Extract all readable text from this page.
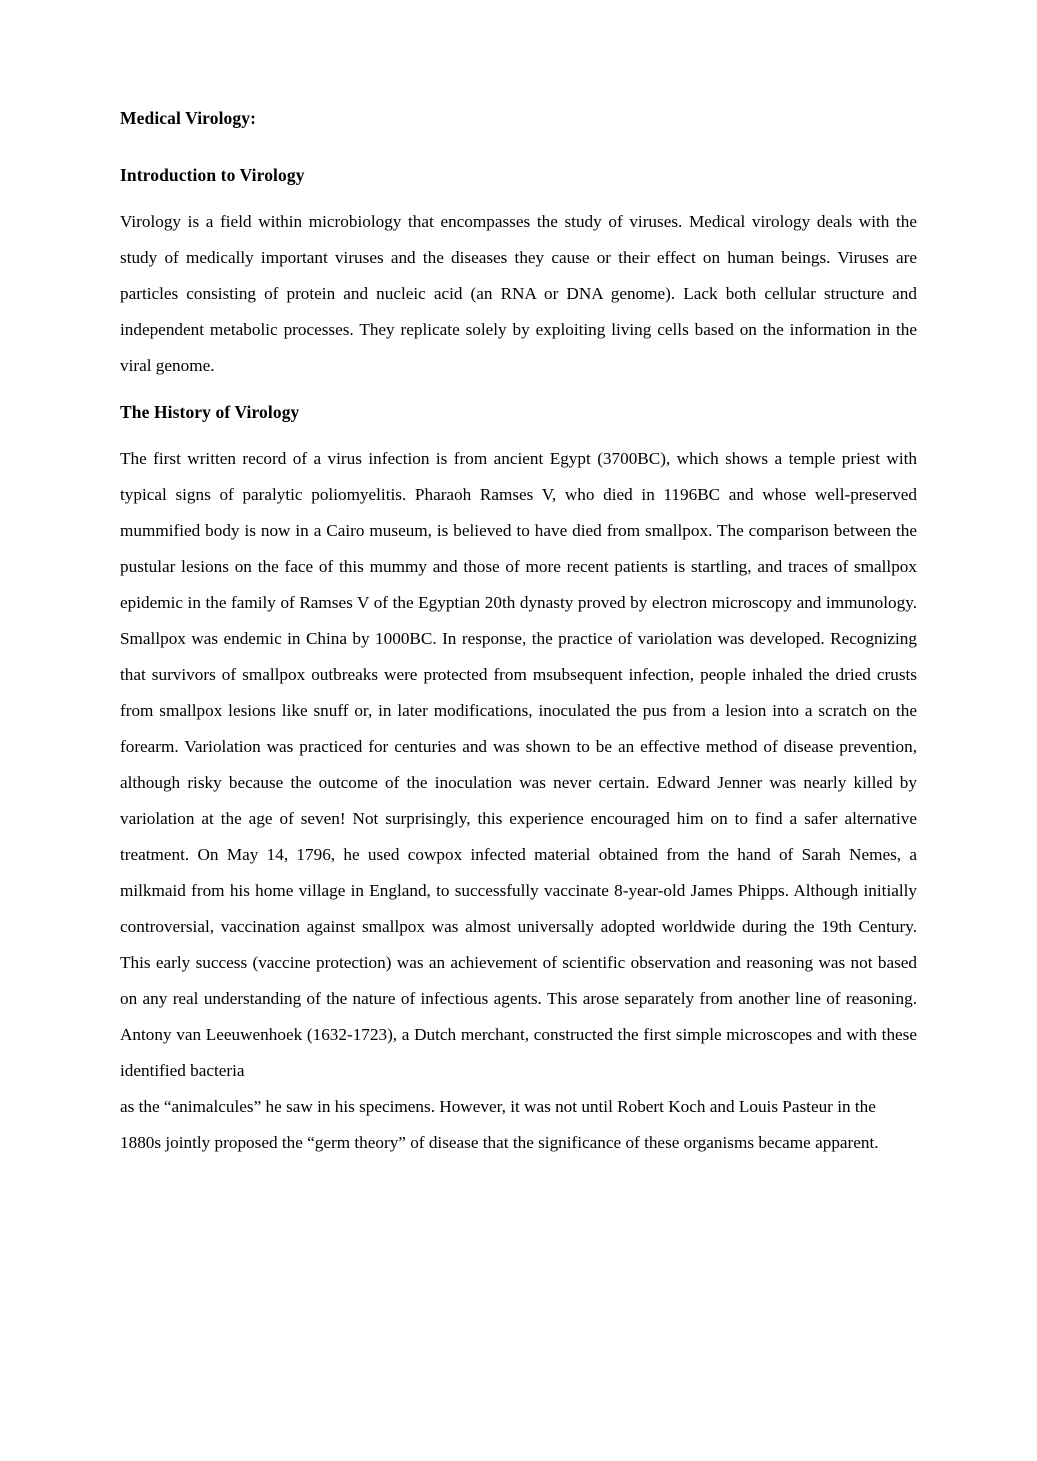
Medical Virology:
Introduction to Virology

Virology is a field within microbiology that encompasses the study of viruses. Medical virology deals with the study of medically important viruses and the diseases they cause or their effect on human beings. Viruses are particles consisting of protein and nucleic acid (an RNA or DNA genome). Lack both cellular structure and independent metabolic processes. They replicate solely by exploiting living cells based on the information in the viral genome.

The History of Virology

The first written record of a virus infection is from ancient Egypt (3700BC), which shows a temple priest with typical signs of paralytic poliomyelitis. Pharaoh Ramses V, who died in 1196BC and whose well-preserved mummified body is now in a Cairo museum, is believed to have died from smallpox. The comparison between the pustular lesions on the face of this mummy and those of more recent patients is startling, and traces of smallpox epidemic in the family of Ramses V of the Egyptian 20th dynasty proved by electron microscopy and immunology. Smallpox was endemic in China by 1000BC. In response, the practice of variolation was developed. Recognizing that survivors of smallpox outbreaks were protected from msubsequent infection, people inhaled the dried crusts from smallpox lesions like snuff or, in later modifications, inoculated the pus from a lesion into a scratch on the forearm. Variolation was practiced for centuries and was shown to be an effective method of disease prevention, although risky because the outcome of the inoculation was never certain. Edward Jenner was nearly killed by variolation at the age of seven! Not surprisingly, this experience encouraged him on to find a safer alternative treatment. On May 14, 1796, he used cowpox infected material obtained from the hand of Sarah Nemes, a milkmaid from his home village in England, to successfully vaccinate 8-year-old James Phipps. Although initially controversial, vaccination against smallpox was almost universally adopted worldwide during the 19th Century. This early success (vaccine protection) was an achievement of scientific observation and reasoning was not based on any real understanding of the nature of infectious agents. This arose separately from another line of reasoning. Antony van Leeuwenhoek (1632-1723), a Dutch merchant, constructed the first simple microscopes and with these identified bacteria

as the “animalcules” he saw in his specimens. However, it was not until Robert Koch and Louis Pasteur in the 1880s jointly proposed the “germ theory” of disease that the significance of these organisms became apparent.
